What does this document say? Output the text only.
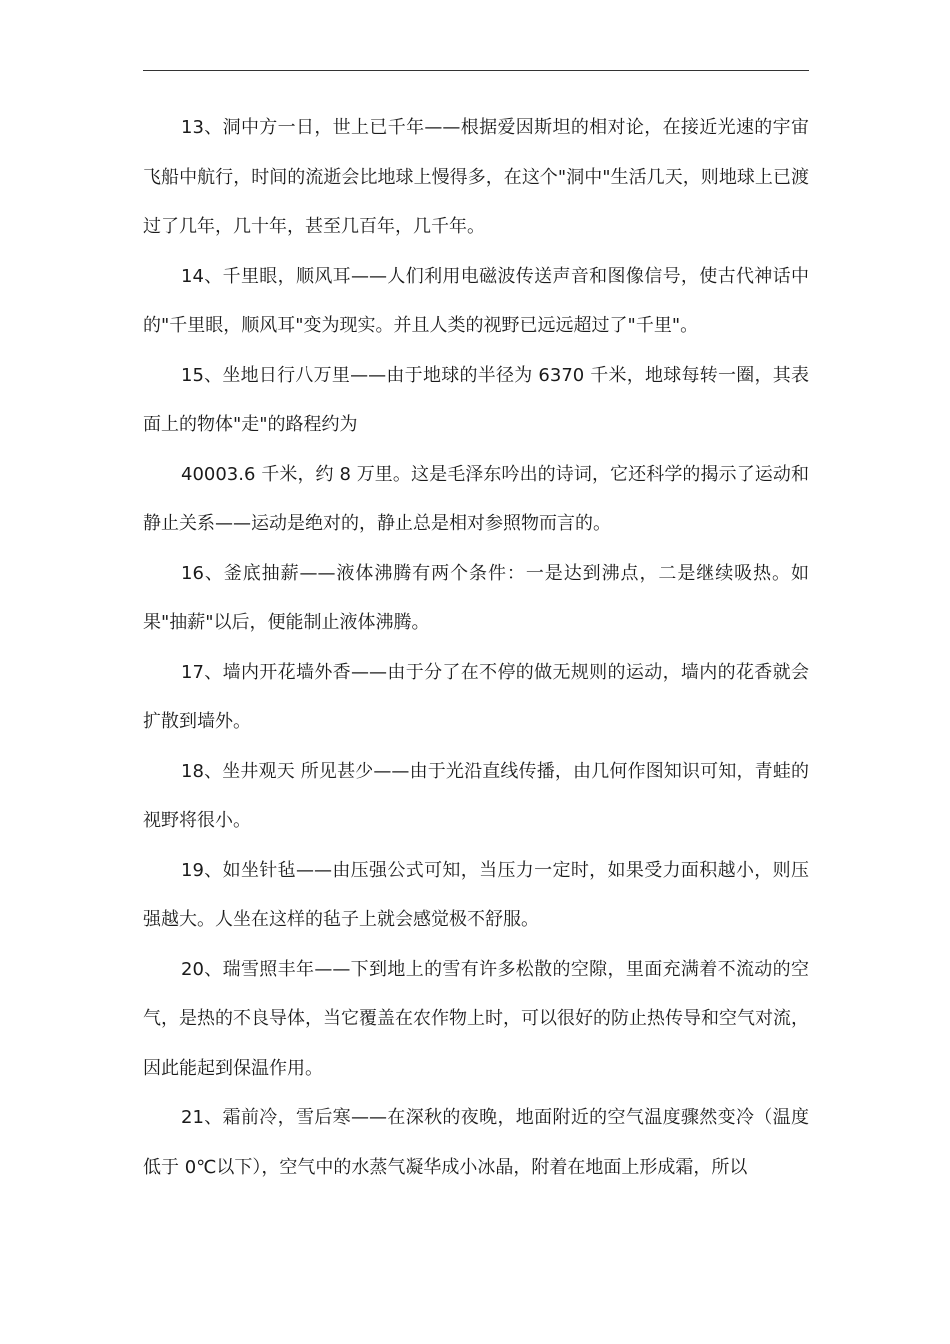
13、洞中方一日，世上已千年——根据爱因斯坦的相对论，在接近光速的宇宙飞船中航行，时间的流逝会比地球上慢得多，在这个"洞中"生活几天，则地球上已渡过了几年，几十年，甚至几百年，几千年。

14、千里眼，顺风耳——人们利用电磁波传送声音和图像信号，使古代神话中的"千里眼，顺风耳"变为现实。并且人类的视野已远远超过了"千里"。

15、坐地日行八万里——由于地球的半径为 6370 千米，地球每转一圈，其表面上的物体"走"的路程约为

40003.6 千米，约 8 万里。这是毛泽东吟出的诗词，它还科学的揭示了运动和静止关系——运动是绝对的，静止总是相对参照物而言的。

16、釜底抽薪——液体沸腾有两个条件：一是达到沸点，二是继续吸热。如果"抽薪"以后，便能制止液体沸腾。

17、墙内开花墙外香——由于分了在不停的做无规则的运动，墙内的花香就会扩散到墙外。

18、坐井观天 所见甚少——由于光沿直线传播，由几何作图知识可知，青蛙的视野将很小。

19、如坐针毡——由压强公式可知，当压力一定时，如果受力面积越小，则压强越大。人坐在这样的毡子上就会感觉极不舒服。

20、瑞雪照丰年——下到地上的雪有许多松散的空隙，里面充满着不流动的空气，是热的不良导体，当它覆盖在农作物上时，可以很好的防止热传导和空气对流，因此能起到保温作用。

21、霜前冷，雪后寒——在深秋的夜晚，地面附近的空气温度骤然变冷（温度低于 0℃以下），空气中的水蒸气凝华成小冰晶，附着在地面上形成霜，所以
